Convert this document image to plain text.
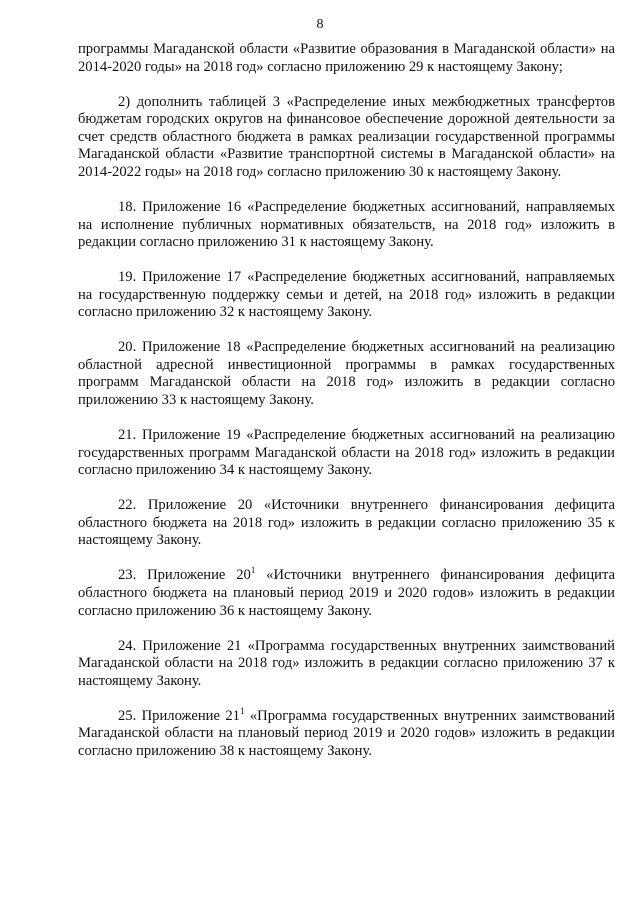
8

программы Магаданской области «Развитие образования в Магаданской области» на 2014-2020 годы» на 2018 год» согласно приложению 29 к настоящему Закону;

2) дополнить таблицей 3 «Распределение иных межбюджетных трансфертов бюджетам городских округов на финансовое обеспечение дорожной деятельности за счет средств областного бюджета в рамках реализации государственной программы Магаданской области «Развитие транспортной системы в Магаданской области» на 2014-2022 годы» на 2018 год» согласно приложению 30 к настоящему Закону.

18. Приложение 16 «Распределение бюджетных ассигнований, направляемых на исполнение публичных нормативных обязательств, на 2018 год» изложить в редакции согласно приложению 31 к настоящему Закону.

19. Приложение 17 «Распределение бюджетных ассигнований, направляемых на государственную поддержку семьи и детей, на 2018 год» изложить в редакции согласно приложению 32 к настоящему Закону.

20. Приложение 18 «Распределение бюджетных ассигнований на реализацию областной адресной инвестиционной программы в рамках государственных программ Магаданской области на 2018 год» изложить в редакции согласно приложению 33 к настоящему Закону.

21. Приложение 19 «Распределение бюджетных ассигнований на реализацию государственных программ Магаданской области на 2018 год» изложить в редакции согласно приложению 34 к настоящему Закону.

22. Приложение 20 «Источники внутреннего финансирования дефицита областного бюджета на 2018 год» изложить в редакции согласно приложению 35 к настоящему Закону.

23. Приложение $20^1$ «Источники внутреннего финансирования дефицита областного бюджета на плановый период 2019 и 2020 годов» изложить в редакции согласно приложению 36 к настоящему Закону.

24. Приложение 21 «Программа государственных внутренних заимствований Магаданской области на 2018 год» изложить в редакции согласно приложению 37 к настоящему Закону.

25. Приложение $21^1$ «Программа государственных внутренних заимствований Магаданской области на плановый период 2019 и 2020 годов» изложить в редакции согласно приложению 38 к настоящему Закону.
